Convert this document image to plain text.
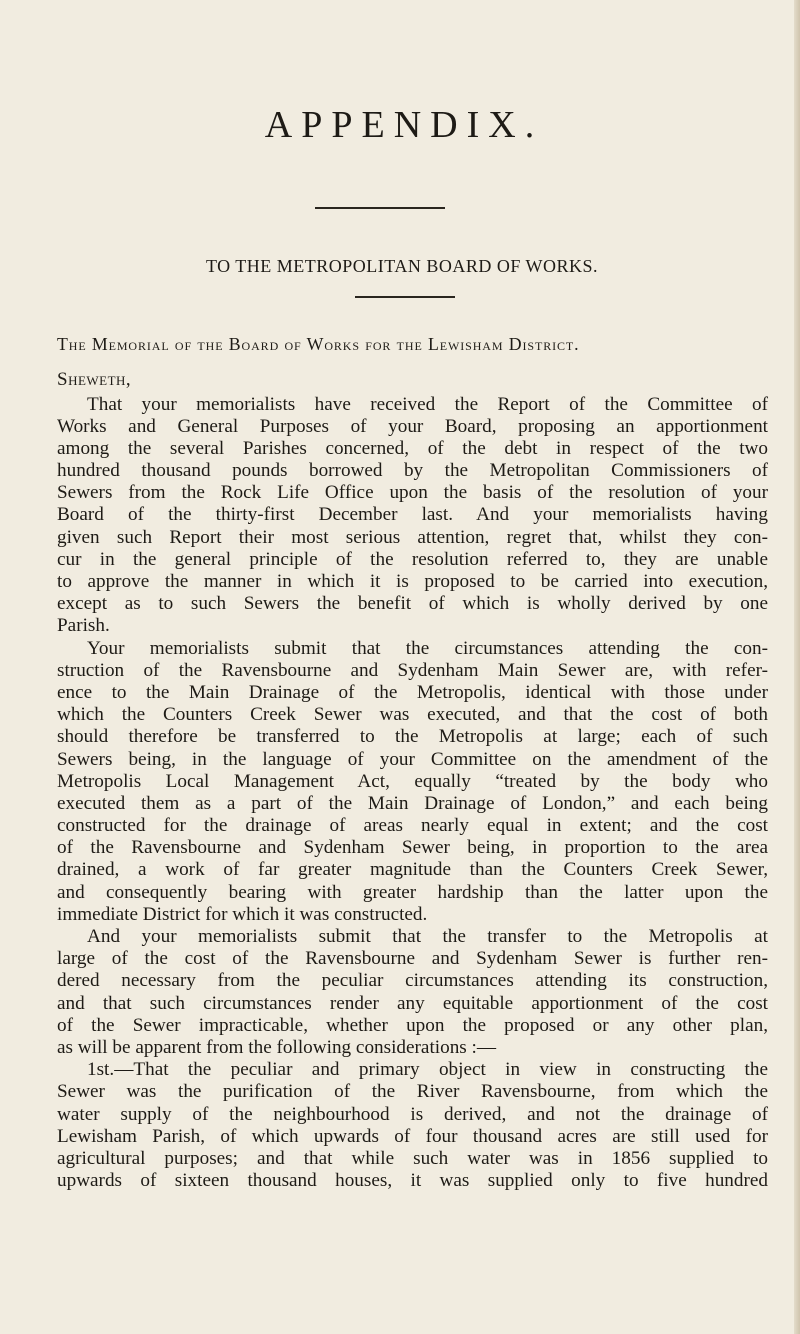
APPENDIX.
TO THE METROPOLITAN BOARD OF WORKS.
The Memorial of the Board of Works for the Lewisham District.
Sheweth,
That your memorialists have received the Report of the Committee of
Works and General Purposes of your Board, proposing an apportionment
among the several Parishes concerned, of the debt in respect of the two
hundred thousand pounds borrowed by the Metropolitan Commissioners of
Sewers from the Rock Life Office upon the basis of the resolution of your
Board of the thirty-first December last. And your memorialists having
given such Report their most serious attention, regret that, whilst they con-
cur in the general principle of the resolution referred to, they are unable
to approve the manner in which it is proposed to be carried into execution,
except as to such Sewers the benefit of which is wholly derived by one
Parish.
Your memorialists submit that the circumstances attending the con-
struction of the Ravensbourne and Sydenham Main Sewer are, with refer-
ence to the Main Drainage of the Metropolis, identical with those under
which the Counters Creek Sewer was executed, and that the cost of both
should therefore be transferred to the Metropolis at large; each of such
Sewers being, in the language of your Committee on the amendment of the
Metropolis Local Management Act, equally “treated by the body who
executed them as a part of the Main Drainage of London,” and each being
constructed for the drainage of areas nearly equal in extent; and the cost
of the Ravensbourne and Sydenham Sewer being, in proportion to the area
drained, a work of far greater magnitude than the Counters Creek Sewer,
and consequently bearing with greater hardship than the latter upon the
immediate District for which it was constructed.
And your memorialists submit that the transfer to the Metropolis at
large of the cost of the Ravensbourne and Sydenham Sewer is further ren-
dered necessary from the peculiar circumstances attending its construction,
and that such circumstances render any equitable apportionment of the cost
of the Sewer impracticable, whether upon the proposed or any other plan,
as will be apparent from the following considerations :—
1st.—That the peculiar and primary object in view in constructing the
Sewer was the purification of the River Ravensbourne, from which the
water supply of the neighbourhood is derived, and not the drainage of
Lewisham Parish, of which upwards of four thousand acres are still used for
agricultural purposes; and that while such water was in 1856 supplied to
upwards of sixteen thousand houses, it was supplied only to five hundred
